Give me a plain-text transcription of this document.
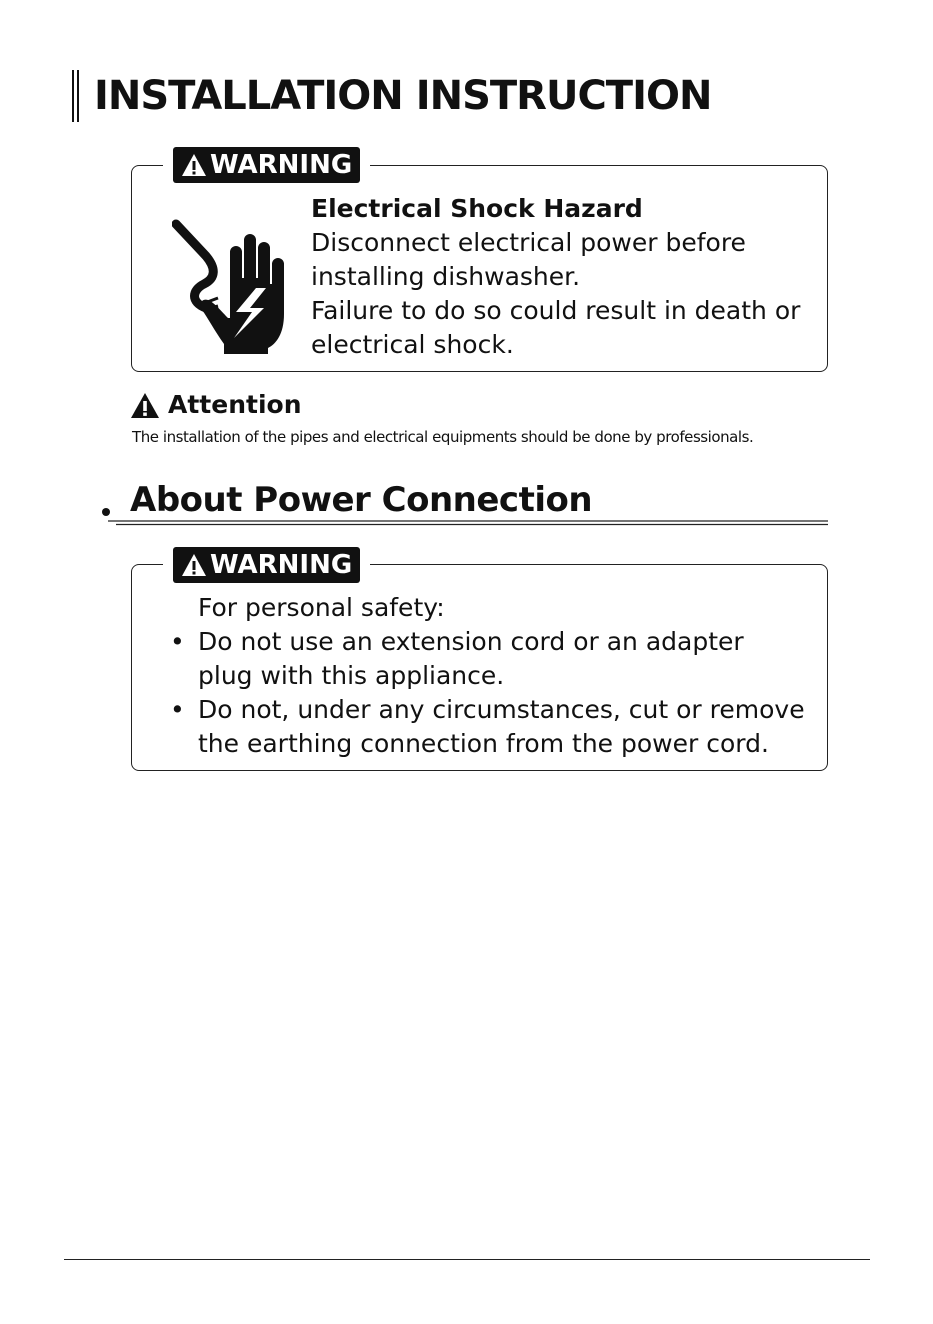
INSTALLATION INSTRUCTION
WARNING
Electrical Shock Hazard
Disconnect electrical power before
installing dishwasher.
Failure to do so could result in death or
electrical shock.
Attention
The installation of the pipes and electrical equipments should be done by professionals.
About Power Connection
WARNING
For personal safety:
• Do not use an extension cord or an adapter
plug with this appliance.
• Do not, under any circumstances, cut or remove
the earthing connection from the power cord.
